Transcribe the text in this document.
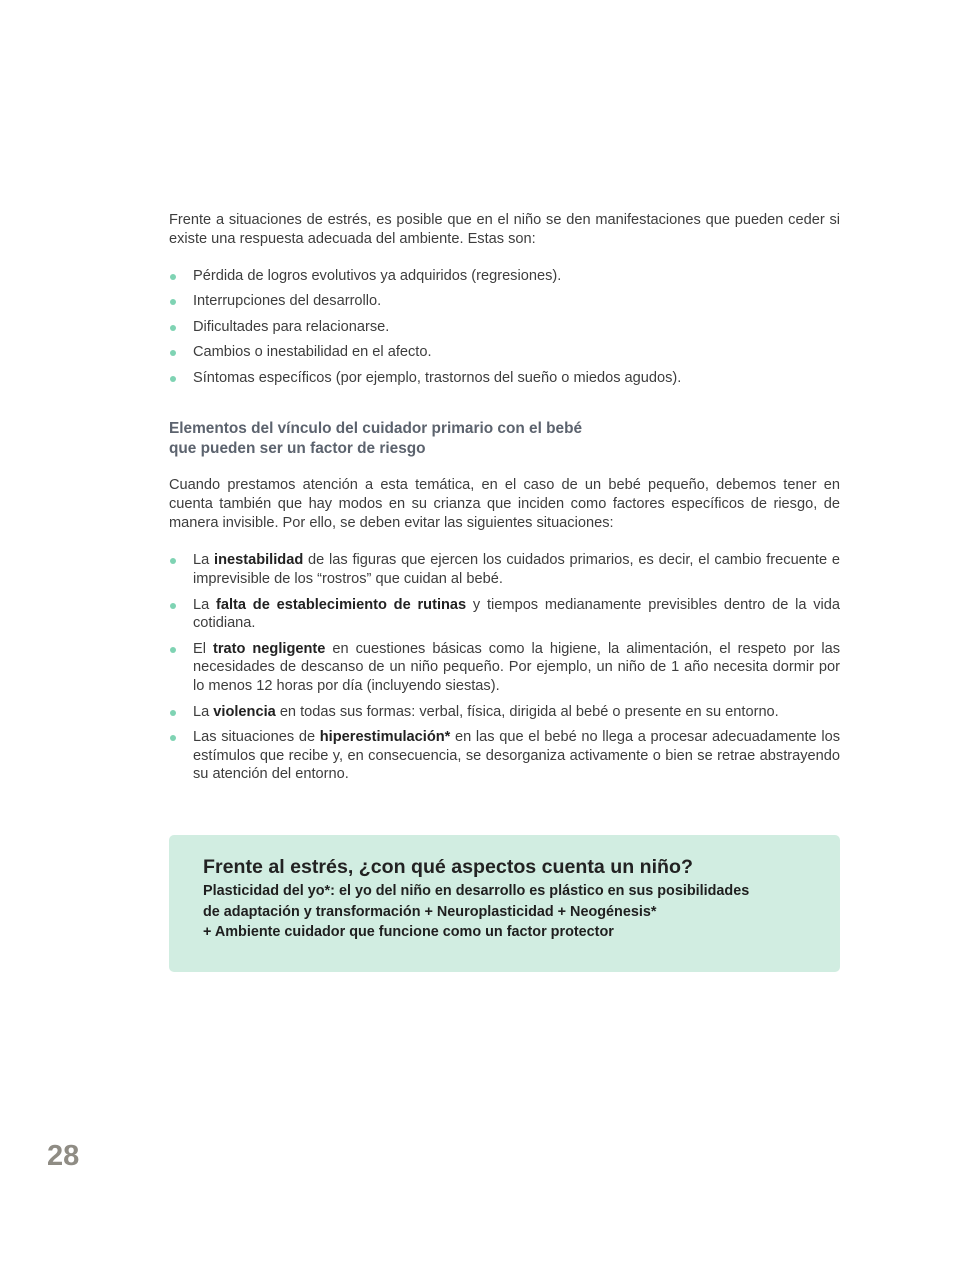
Frente a situaciones de estrés, es posible que en el niño se den manifestaciones que pueden ceder si existe una respuesta adecuada del ambiente. Estas son:

Pérdida de logros evolutivos ya adquiridos (regresiones).
Interrupciones del desarrollo.
Dificultades para relacionarse.
Cambios o inestabilidad en el afecto.
Síntomas específicos (por ejemplo, trastornos del sueño o miedos agudos).
Elementos del vínculo del cuidador primario con el bebé
que pueden ser un factor de riesgo

Cuando prestamos atención a esta temática, en el caso de un bebé pequeño, debemos tener en cuenta también que hay modos en su crianza que inciden como factores específicos de riesgo, de manera invisible. Por ello, se deben evitar las siguientes situaciones:

La inestabilidad de las figuras que ejercen los cuidados primarios, es decir, el cambio frecuente e imprevisible de los “rostros” que cuidan al bebé.
La falta de establecimiento de rutinas y tiempos medianamente previsibles dentro de la vida cotidiana.
El trato negligente en cuestiones básicas como la higiene, la alimentación, el respeto por las necesidades de descanso de un niño pequeño. Por ejemplo, un niño de 1 año necesita dormir por lo menos 12 horas por día (incluyendo siestas).
La violencia en todas sus formas: verbal, física, dirigida al bebé o presente en su entorno.
Las situaciones de hiperestimulación* en las que el bebé no llega a procesar adecuadamente los estímulos que recibe y, en consecuencia, se desorganiza activamente o bien se retrae abstrayendo su atención del entorno.
Frente al estrés, ¿con qué aspectos cuenta un niño?
Plasticidad del yo*: el yo del niño en desarrollo es plástico en sus posibilidades
de adaptación y transformación + Neuroplasticidad + Neogénesis*
+ Ambiente cuidador que funcione como un factor protector
28
